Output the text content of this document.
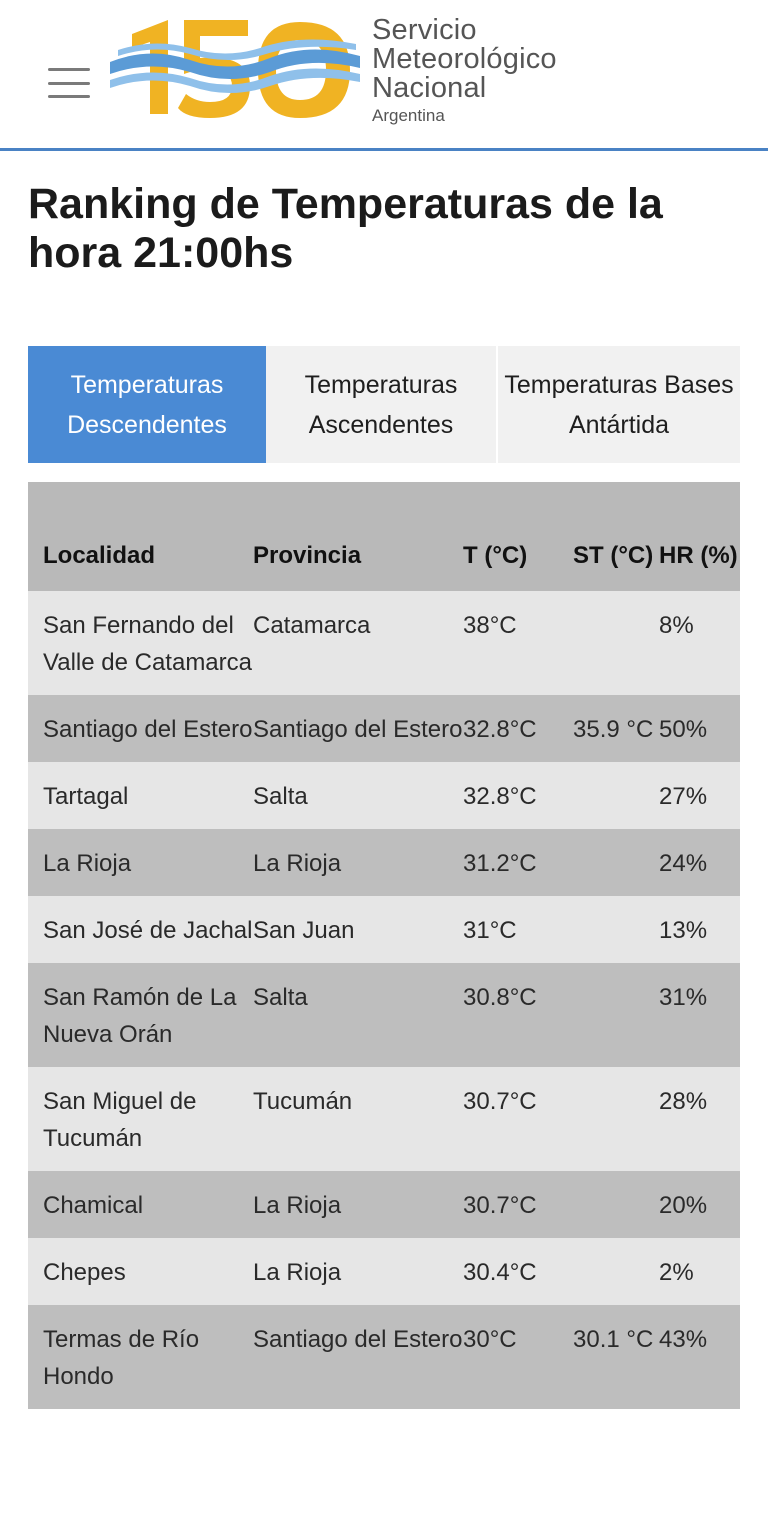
Servicio
Meteorológico
Nacional
Argentina
Ranking de Temperaturas de la hora 21:00hs
Temperaturas Descendentes
Temperaturas Ascendentes
Temperaturas Bases Antártida
Localidad	Provincia	T (°C)	ST (°C)	HR (%)
San Fernando del Valle de Catamarca	Catamarca	38°C		8%
Santiago del Estero	Santiago del Estero	32.8°C	35.9 °C	50%
Tartagal	Salta	32.8°C		27%
La Rioja	La Rioja	31.2°C		24%
San José de Jachal	San Juan	31°C		13%
San Ramón de La Nueva Orán	Salta	30.8°C		31%
San Miguel de Tucumán	Tucumán	30.7°C		28%
Chamical	La Rioja	30.7°C		20%
Chepes	La Rioja	30.4°C		2%
Termas de Río Hondo	Santiago del Estero	30°C	30.1 °C	43%
